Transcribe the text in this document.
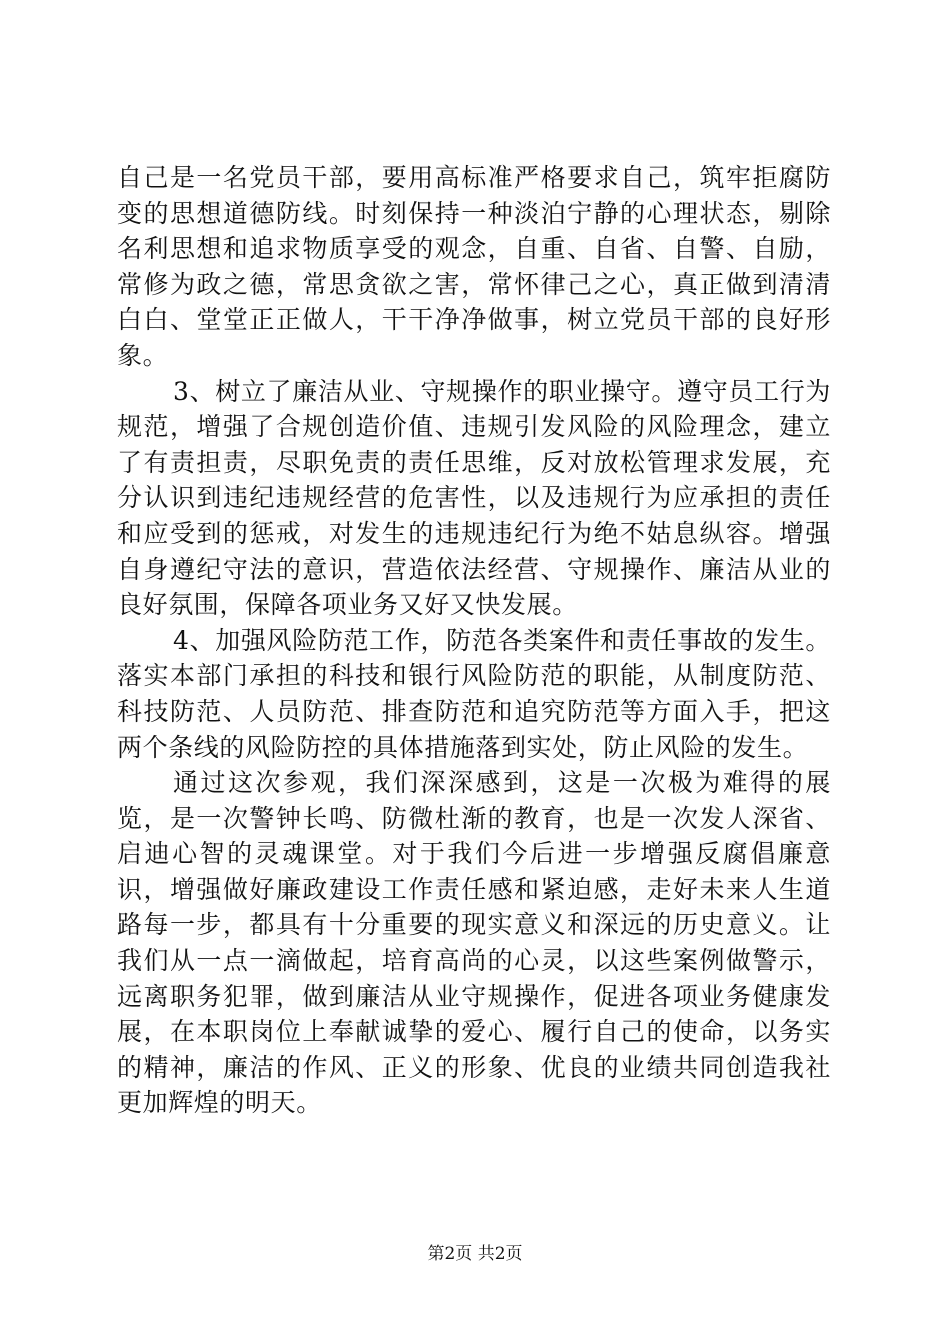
自己是一名党员干部，要用高标准严格要求自己，筑牢拒腐防变的思想道德防线。时刻保持一种淡泊宁静的心理状态，剔除名利思想和追求物质享受的观念，自重、自省、自警、自励，常修为政之德，常思贪欲之害，常怀律己之心，真正做到清清白白、堂堂正正做人，干干净净做事，树立党员干部的良好形象。

3、树立了廉洁从业、守规操作的职业操守。遵守员工行为规范，增强了合规创造价值、违规引发风险的风险理念，建立了有责担责，尽职免责的责任思维，反对放松管理求发展，充分认识到违纪违规经营的危害性，以及违规行为应承担的责任和应受到的惩戒，对发生的违规违纪行为绝不姑息纵容。增强自身遵纪守法的意识，营造依法经营、守规操作、廉洁从业的良好氛围，保障各项业务又好又快发展。

4、加强风险防范工作，防范各类案件和责任事故的发生。落实本部门承担的科技和银行风险防范的职能，从制度防范、科技防范、人员防范、排查防范和追究防范等方面入手，把这两个条线的风险防控的具体措施落到实处，防止风险的发生。

通过这次参观，我们深深感到，这是一次极为难得的展览，是一次警钟长鸣、防微杜渐的教育，也是一次发人深省、启迪心智的灵魂课堂。对于我们今后进一步增强反腐倡廉意识，增强做好廉政建设工作责任感和紧迫感，走好未来人生道路每一步，都具有十分重要的现实意义和深远的历史意义。让我们从一点一滴做起，培育高尚的心灵，以这些案例做警示，远离职务犯罪，做到廉洁从业守规操作，促进各项业务健康发展，在本职岗位上奉献诚挚的爱心、履行自己的使命，以务实的精神，廉洁的作风、正义的形象、优良的业绩共同创造我社更加辉煌的明天。

第2页 共2页
